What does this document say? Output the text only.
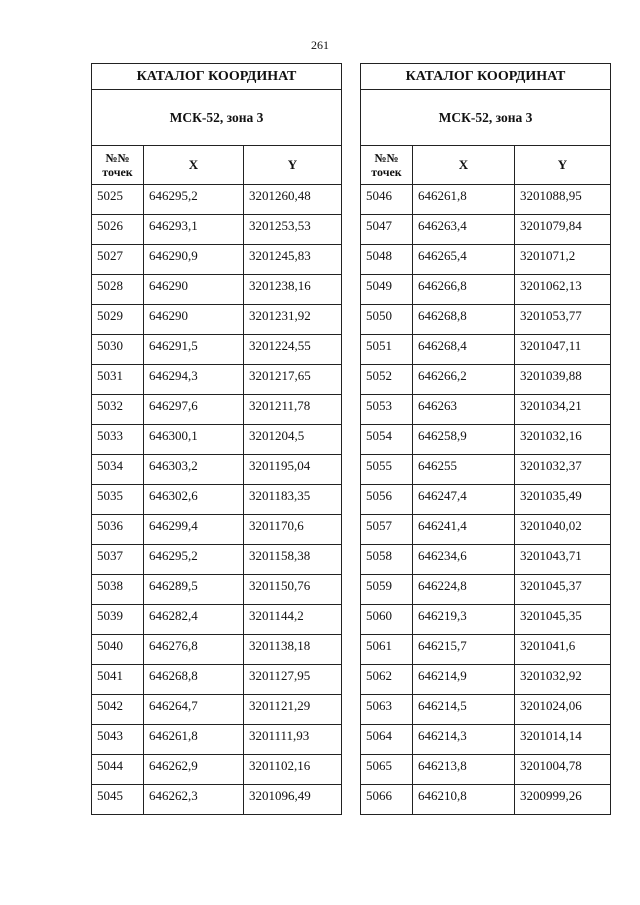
261
КАТАЛОГ КООРДИНАТ		
МСК-52, зона 3		
№№
точек	X	Y
5025	646295,2	3201260,48
5026	646293,1	3201253,53
5027	646290,9	3201245,83
5028	646290	3201238,16
5029	646290	3201231,92
5030	646291,5	3201224,55
5031	646294,3	3201217,65
5032	646297,6	3201211,78
5033	646300,1	3201204,5
5034	646303,2	3201195,04
5035	646302,6	3201183,35
5036	646299,4	3201170,6
5037	646295,2	3201158,38
5038	646289,5	3201150,76
5039	646282,4	3201144,2
5040	646276,8	3201138,18
5041	646268,8	3201127,95
5042	646264,7	3201121,29
5043	646261,8	3201111,93
5044	646262,9	3201102,16
5045	646262,3	3201096,49
КАТАЛОГ КООРДИНАТ		
МСК-52, зона 3		
№№
точек	X	Y
5046	646261,8	3201088,95
5047	646263,4	3201079,84
5048	646265,4	3201071,2
5049	646266,8	3201062,13
5050	646268,8	3201053,77
5051	646268,4	3201047,11
5052	646266,2	3201039,88
5053	646263	3201034,21
5054	646258,9	3201032,16
5055	646255	3201032,37
5056	646247,4	3201035,49
5057	646241,4	3201040,02
5058	646234,6	3201043,71
5059	646224,8	3201045,37
5060	646219,3	3201045,35
5061	646215,7	3201041,6
5062	646214,9	3201032,92
5063	646214,5	3201024,06
5064	646214,3	3201014,14
5065	646213,8	3201004,78
5066	646210,8	3200999,26
